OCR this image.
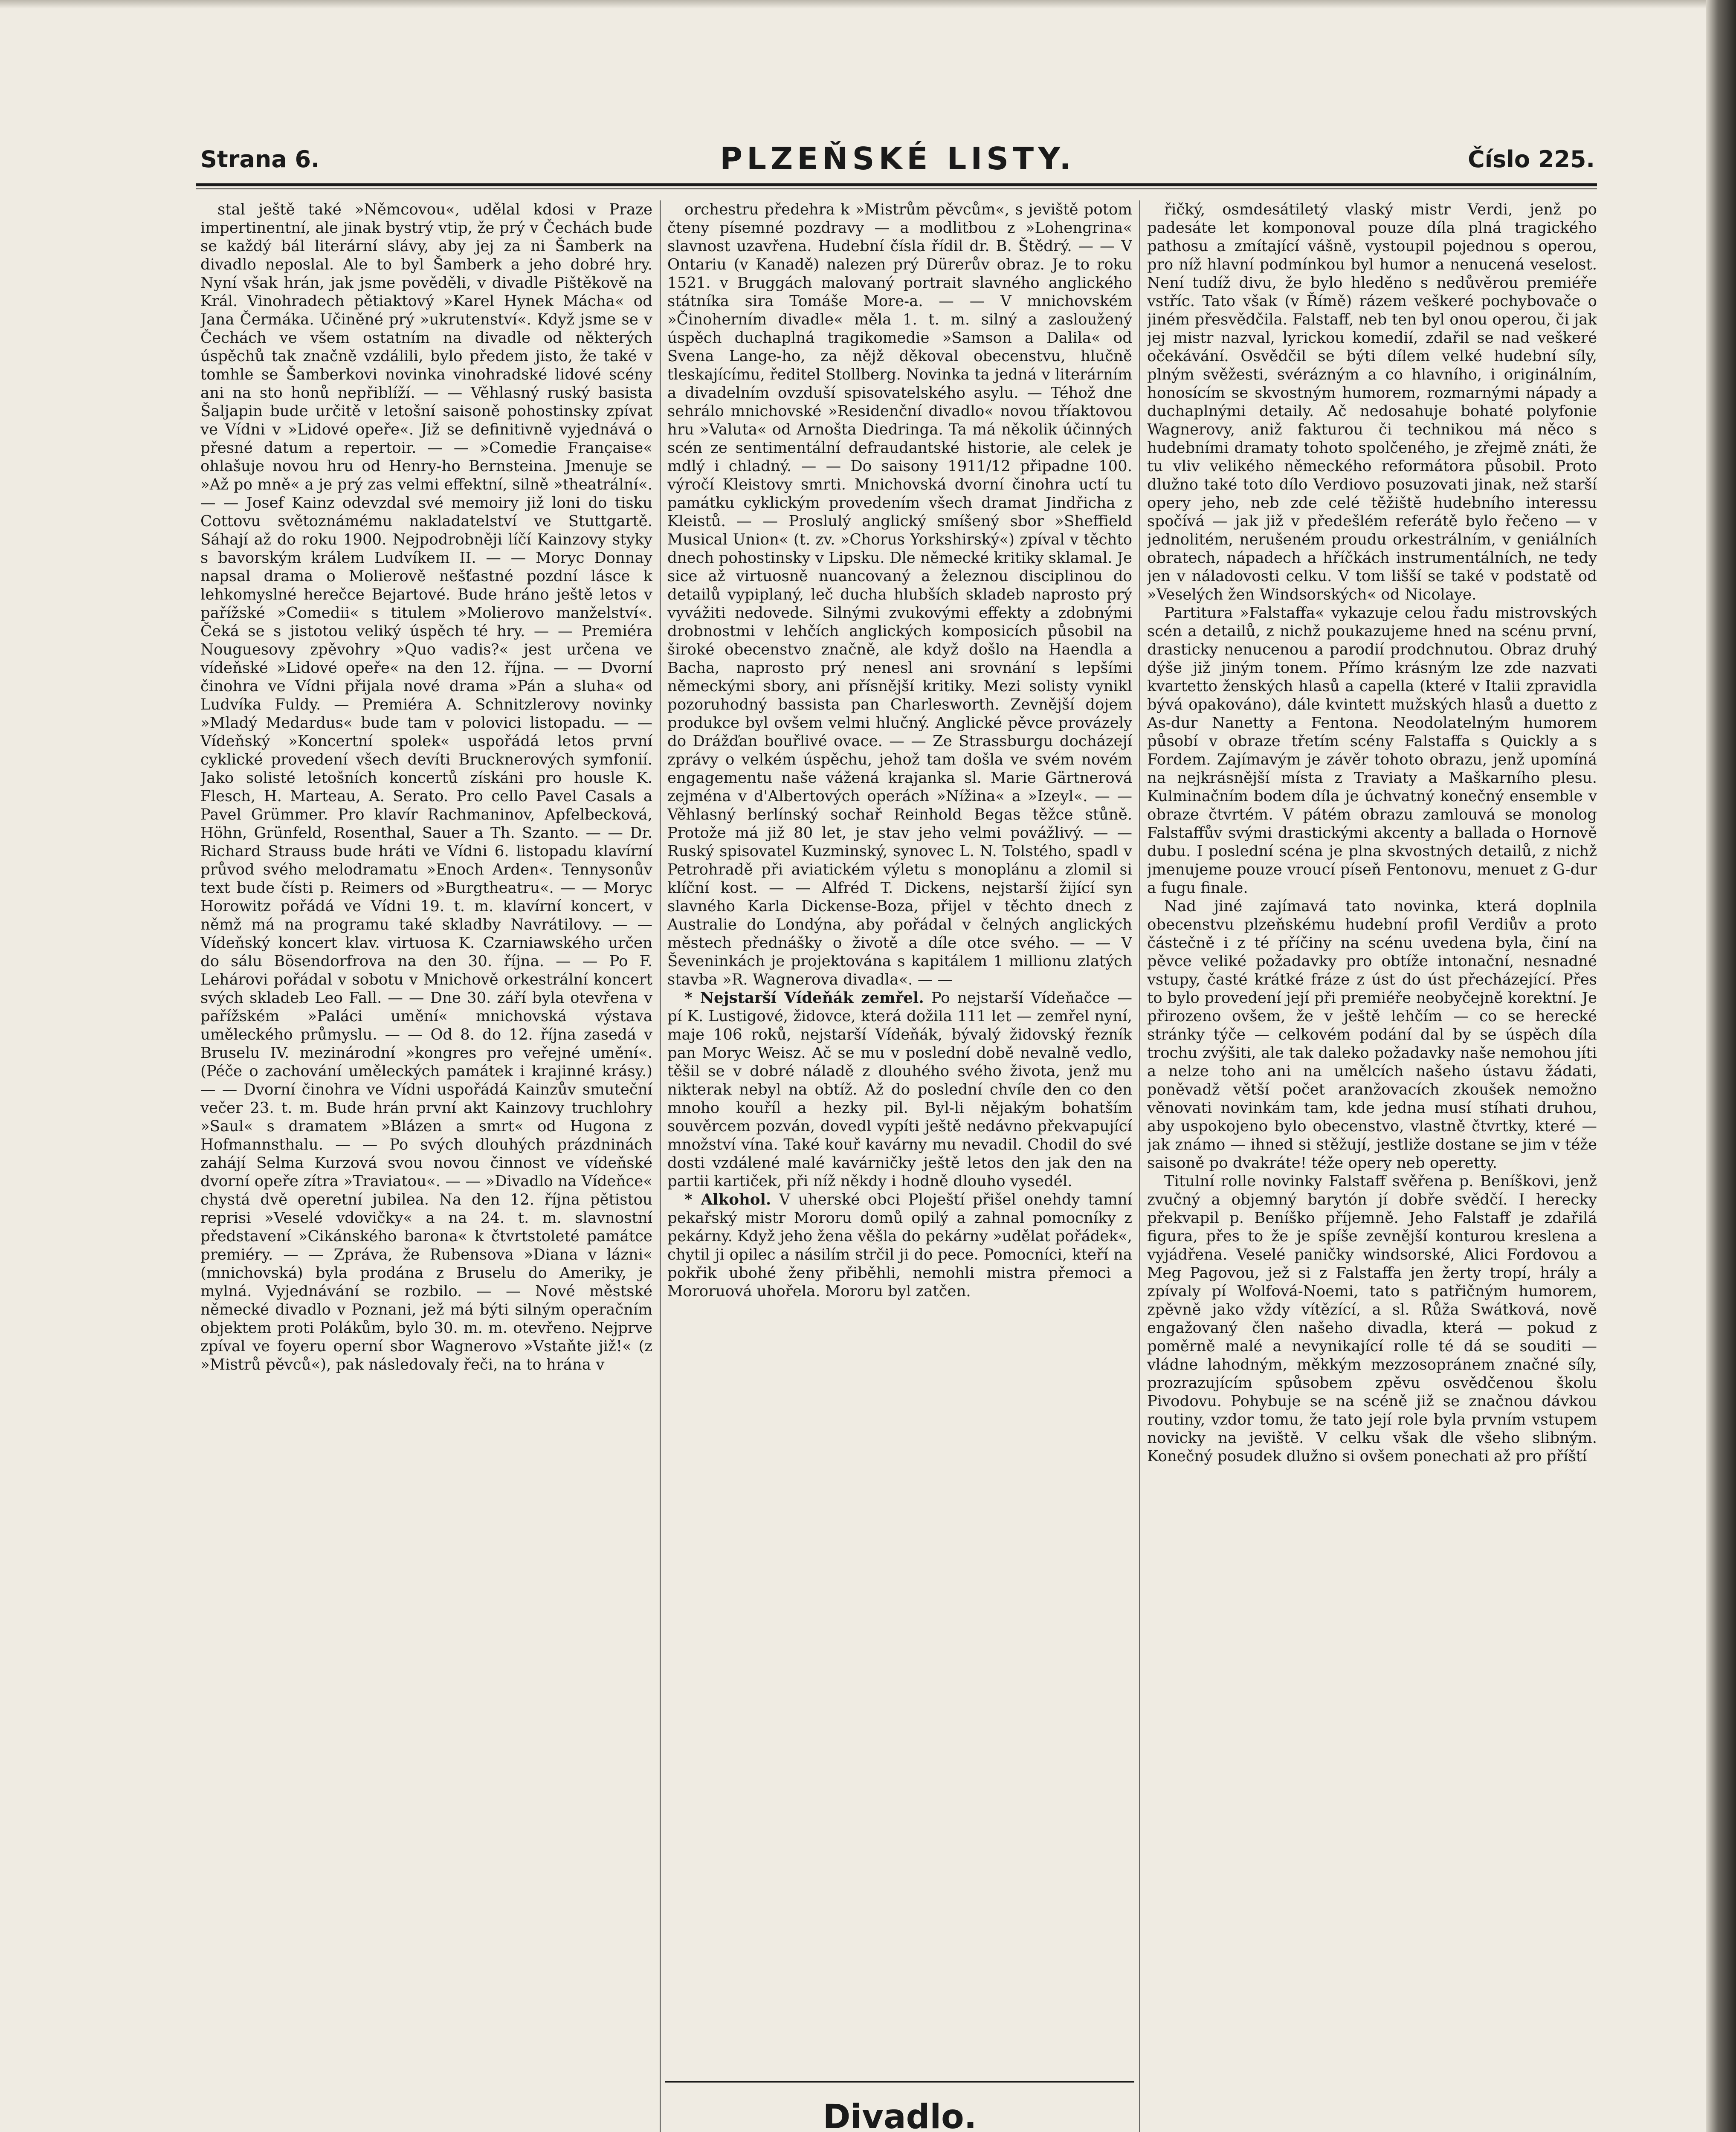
Strana 6.	PLZEŇSKÉ LISTY.	Číslo 225.

stal ještě také »Němcovou«, udělal kdosi v Praze impertinentní, ale jinak bystrý vtip, že prý v Čechách bude se každý bál literární slávy, aby jej za ni Šamberk na divadlo neposlal. Ale to byl Šamberk a jeho dobré hry. Nyní však hrán, jak jsme pověděli, v divadle Pištěkově na Král. Vinohradech pětiaktový »Karel Hynek Mácha« od Jana Čermáka. Učiněné prý »ukrutenství«. Když jsme se v Čechách ve všem ostatním na divadle od některých úspěchů tak značně vzdálili, bylo předem jisto, že také v tomhle se Šamberkovi novinka vinohradské lidové scény ani na sto honů nepřiblíží. — — Věhlasný ruský basista Šaljapin bude určitě v letošní saisoně pohostinsky zpívat ve Vídni v »Lidové opeře«. Již se definitivně vyjednává o přesné datum a repertoir. — — »Comedie Française« ohlašuje novou hru od Henry-ho Bernsteina. Jmenuje se »Až po mně« a je prý zas velmi effektní, silně »theatrální«. — — Josef Kainz odevzdal své memoiry již loni do tisku Cottovu světoznámému nakladatelství ve Stuttgartě. Sáhají až do roku 1900. Nejpodrobněji líčí Kainzovy styky s bavorským králem Ludvíkem II. — — Moryc Donnay napsal drama o Molierově nešťastné pozdní lásce k lehkomyslné herečce Bejartové. Bude hráno ještě letos v pařížské »Comedii« s titulem »Molierovo manželství«. Čeká se s jistotou veliký úspěch té hry. — — Premiéra Nouguesovy zpěvohry »Quo vadis?« jest určena ve vídeňské »Lidové opeře« na den 12. října. — — Dvorní činohra ve Vídni přijala nové drama »Pán a sluha« od Ludvíka Fuldy. — Premiéra A. Schnitzlerovy novinky »Mladý Medardus« bude tam v polovici listopadu. — — Vídeňský »Koncertní spolek« uspořádá letos první cyklické provedení všech devíti Brucknerových symfonií. Jako solisté letošních koncertů získáni pro housle K. Flesch, H. Marteau, A. Serato. Pro cello Pavel Casals a Pavel Grümmer. Pro klavír Rachmaninov, Apfelbecková, Höhn, Grünfeld, Rosenthal, Sauer a Th. Szanto. — — Dr. Richard Strauss bude hráti ve Vídni 6. listopadu klavírní průvod svého melodramatu »Enoch Arden«. Tennysonův text bude čísti p. Reimers od »Burgtheatru«. — — Moryc Horowitz pořádá ve Vídni 19. t. m. klavírní koncert, v němž má na programu také skladby Navrátilovy. — — Vídeňský koncert klav. virtuosa K. Czarniawského určen do sálu Bösendorfrova na den 30. října. — — Po F. Lehárovi pořádal v sobotu v Mnichově orkestrální koncert svých skladeb Leo Fall. — — Dne 30. září byla otevřena v pařížském »Paláci umění« mnichovská výstava uměleckého průmyslu. — — Od 8. do 12. října zasedá v Bruselu IV. mezinárodní »kongres pro veřejné umění«. (Péče o zachování uměleckých památek i krajinné krásy.) — — Dvorní činohra ve Vídni uspořádá Kainzův smuteční večer 23. t. m. Bude hrán první akt Kainzovy truchlohry »Saul« s dramatem »Blázen a smrt« od Hugona z Hofmannsthalu. — — Po svých dlouhých prázdninách zahájí Selma Kurzová svou novou činnost ve vídeňské dvorní opeře zítra »Traviatou«. — — »Divadlo na Vídeňce« chystá dvě operetní jubilea. Na den 12. října pětistou reprisi »Veselé vdovičky« a na 24. t. m. slavnostní představení »Cikánského barona« k čtvrtstoleté památce premiéry. — — Zpráva, že Rubensova »Diana v lázni« (mnichovská) byla prodána z Bruselu do Ameriky, je mylná. Vyjednávání se rozbilo. — — Nové městské německé divadlo v Poznani, jež má býti silným operačním objektem proti Polákům, bylo 30. m. m. otevřeno. Nejprve zpíval ve foyeru operní sbor Wagnerovo »Vstaňte již!« (z »Mistrů pěvců«), pak následovaly řeči, na to hrána v

orchestru předehra k »Mistrům pěvcům«, s jeviště potom čteny písemné pozdravy — a modlitbou z »Lohengrina« slavnost uzavřena. Hudební čísla řídil dr. B. Štědrý. — — V Ontariu (v Kanadě) nalezen prý Dürerův obraz. Je to roku 1521. v Bruggách malovaný portrait slavného anglického státníka sira Tomáše More-a. — — V mnichovském »Činoherním divadle« měla 1. t. m. silný a zasloužený úspěch duchaplná tragikomedie »Samson a Dalila« od Svena Lange-ho, za nějž děkoval obecenstvu, hlučně tleskajícímu, ředitel Stollberg. Novinka ta jedná v literárním a divadelním ovzduší spisovatelského asylu. — Téhož dne sehrálo mnichovské »Residenční divadlo« novou tříaktovou hru »Valuta« od Arnošta Diedringa. Ta má několik účinných scén ze sentimentální defraudantské historie, ale celek je mdlý i chladný. — — Do saisony 1911/12 připadne 100. výročí Kleistovy smrti. Mnichovská dvorní činohra uctí tu památku cyklickým provedením všech dramat Jindřicha z Kleistů. — — Proslulý anglický smíšený sbor »Sheffield Musical Union« (t. zv. »Chorus Yorkshirský«) zpíval v těchto dnech pohostinsky v Lipsku. Dle německé kritiky sklamal. Je sice až virtuosně nuancovaný a železnou disciplinou do detailů vypiplaný, leč ducha hlubších skladeb naprosto prý vyvážiti nedovede. Silnými zvukovými effekty a zdobnými drobnostmi v lehčích anglických komposicích působil na široké obecenstvo značně, ale když došlo na Haendla a Bacha, naprosto prý nenesl ani srovnání s lepšími německými sbory, ani přísnější kritiky. Mezi solisty vynikl pozoruhodný bassista pan Charlesworth. Zevnější dojem produkce byl ovšem velmi hlučný. Anglické pěvce provázely do Drážďan bouřlivé ovace. — — Ze Strassburgu docházejí zprávy o velkém úspěchu, jehož tam došla ve svém novém engagementu naše vážená krajanka sl. Marie Gärtnerová zejména v d'Albertových operách »Nížina« a »Izeyl«. — — Věhlasný berlínský sochař Reinhold Begas těžce stůně. Protože má již 80 let, je stav jeho velmi povážlivý. — — Ruský spisovatel Kuzminský, synovec L. N. Tolstého, spadl v Petrohradě při aviatickém výletu s monoplánu a zlomil si klíční kost. — — Alfréd T. Dickens, nejstarší žijící syn slavného Karla Dickense-Boza, přijel v těchto dnech z Australie do Londýna, aby pořádal v čelných anglických městech přednášky o životě a díle otce svého. — — V Ševeninkách je projektována s kapitálem 1 millionu zlatých stavba »R. Wagnerova divadla«. — —

* Nejstarší Vídeňák zemřel. Po nejstarší Vídeňačce — pí K. Lustigové, židovce, která dožila 111 let — zemřel nyní, maje 106 roků, nejstarší Vídeňák, bývalý židovský řezník pan Moryc Weisz. Ač se mu v poslední době nevalně vedlo, těšil se v dobré náladě z dlouhého svého života, jenž mu nikterak nebyl na obtíž. Až do poslední chvíle den co den mnoho kouříl a hezky pil. Byl-li nějakým bohatším souvěrcem pozván, dovedl vypíti ještě nedávno překvapující množství vína. Také kouř kavárny mu nevadil. Chodil do své dosti vzdálené malé kavárničky ještě letos den jak den na partii kartiček, při níž někdy i hodně dlouho vysedél.

* Alkohol. V uherské obci Ploještí přišel onehdy tamní pekařský mistr Mororu domů opilý a zahnal pomocníky z pekárny. Když jeho žena věšla do pekárny »udělat pořádek«, chytil ji opilec a násilím strčil ji do pece. Pomocníci, kteří na pokřik ubohé ženy přiběhli, nemohli mistra přemoci a Mororuová uhořela. Mororu byl zatčen.

Divadlo.

řičký, osmdesátiletý vlaský mistr Verdi, jenž po padesáte let komponoval pouze díla plná tragického pathosu a zmítající vášně, vystoupil pojednou s operou, pro níž hlavní podmínkou byl humor a nenucená veselost. Není tudíž divu, že bylo hleděno s nedůvěrou premiéře vstříc. Tato však (v Římě) rázem veškeré pochybovače o jiném přesvědčila. Falstaff, neb ten byl onou operou, či jak jej mistr nazval, lyrickou komedií, zdařil se nad veškeré očekávání. Osvědčil se býti dílem velké hudební síly, plným svěžesti, svérázným a co hlavního, i originálním, honosícím se skvostným humorem, rozmarnými nápady a duchaplnými detaily. Ač nedosahuje bohaté polyfonie Wagnerovy, aniž fakturou či technikou má něco s hudebními dramaty tohoto spolčeného, je zřejmě znáti, že tu vliv velikého německého reformátora působil. Proto dlužno také toto dílo Verdiovo posuzovati jinak, než starší opery jeho, neb zde celé těžiště hudebního interessu spočívá — jak již v předešlém referátě bylo řečeno — v jednolitém, nerušeném proudu orkestrálním, v geniálních obratech, nápadech a hříčkách instrumentálních, ne tedy jen v náladovosti celku. V tom lišší se také v podstatě od »Veselých žen Windsorských« od Nicolaye.

Partitura »Falstaffa« vykazuje celou řadu mistrovských scén a detailů, z nichž poukazujeme hned na scénu první, drasticky nenucenou a parodií prodchnutou. Obraz druhý dýše již jiným tonem. Přímo krásným lze zde nazvati kvartetto ženských hlasů a capella (které v Italii zpravidla bývá opakováno), dále kvintett mužských hlasů a duetto z As-dur Nanetty a Fentona. Neodolatelným humorem působí v obraze třetím scény Falstaffa s Quickly a s Fordem. Zajímavým je závěr tohoto obrazu, jenž upomíná na nejkrásnější místa z Traviaty a Maškarního plesu. Kulminačním bodem díla je úchvatný konečný ensemble v obraze čtvrtém. V pátém obrazu zamlouvá se monolog Falstaffův svými drastickými akcenty a ballada o Hornově dubu. I poslední scéna je plna skvostných detailů, z nichž jmenujeme pouze vroucí píseň Fentonovu, menuet z G-dur a fugu finale.

Nad jiné zajímavá tato novinka, která doplnila obecenstvu plzeňskému hudební profil Verdiův a proto částečně i z té příčiny na scénu uvedena byla, činí na pěvce veliké požadavky pro obtíže intonační, nesnadné vstupy, časté krátké fráze z úst do úst přecházející. Přes to bylo provedení její při premiéře neobyčejně korektní. Je přirozeno ovšem, že v ještě lehčím — co se herecké stránky týče — celkovém podání dal by se úspěch díla trochu zvýšiti, ale tak daleko požadavky naše nemohou jíti a nelze toho ani na umělcích našeho ústavu žádati, poněvadž větší počet aranžovacích zkoušek nemožno věnovati novinkám tam, kde jedna musí stíhati druhou, aby uspokojeno bylo obecenstvo, vlastně čtvrtky, které — jak známo — ihned si stěžují, jestliže dostane se jim v téže saisoně po dvakráte! téže opery neb operetty.

Titulní rolle novinky Falstaff svěřena p. Beníškovi, jenž zvučný a objemný barytón jí dobře svědčí. I herecky překvapil p. Beníško příjemně. Jeho Falstaff je zdařilá figura, přes to že je spíše zevnější konturou kreslena a vyjádřena. Veselé paničky windsorské, Alici Fordovou a Meg Pagovou, jež si z Falstaffa jen žerty tropí, hrály a zpívaly pí Wolfová-Noemi, tato s patřičným humorem, zpěvně jako vždy vítězící, a sl. Růža Swátková, nově engažovaný člen našeho divadla, která — pokud z poměrně malé a nevynikající rolle té dá se souditi — vládne lahodným, měkkým mezzosopránem značné síly, prozrazujícím spůsobem zpěvu osvědčenou školu Pivodovu. Pohybuje se na scéně již se značnou dávkou routiny, vzdor tomu, že tato její role byla prvním vstupem novicky na jeviště. V celku však dle všeho slibným. Konečný posudek dlužno si ovšem ponechati až pro příští
